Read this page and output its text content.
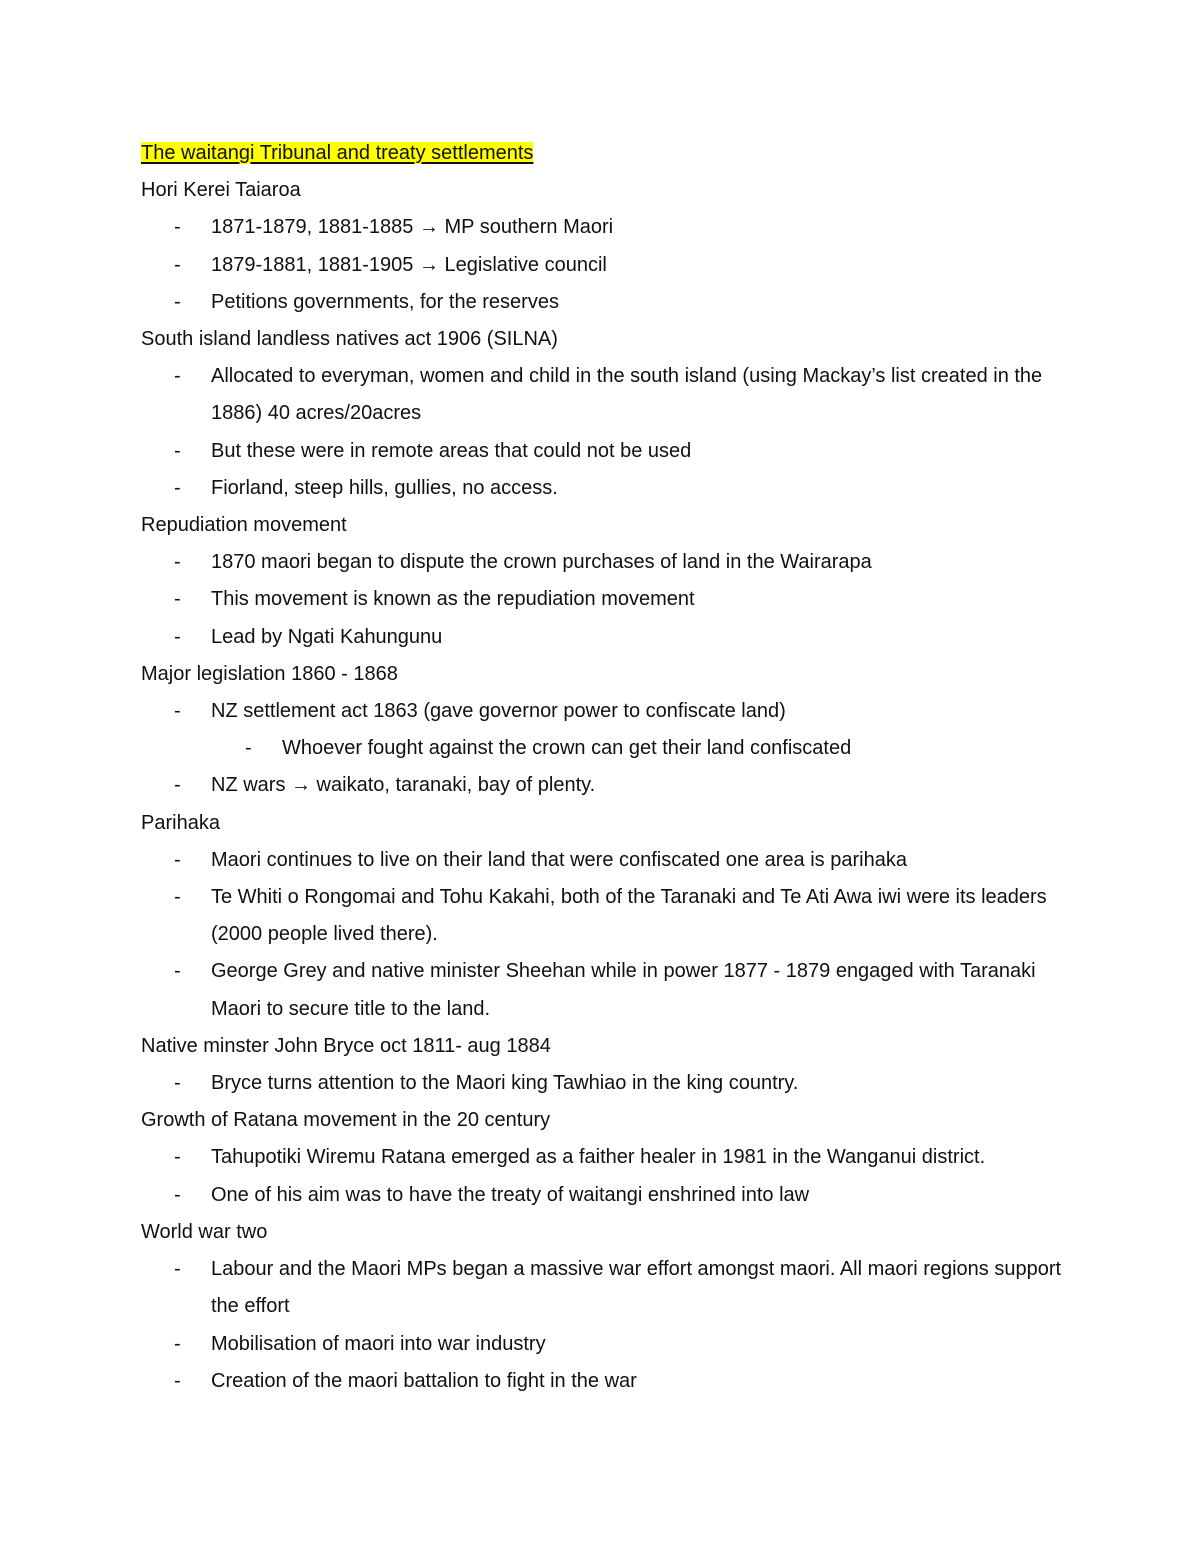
The waitangi Tribunal and treaty settlements

Hori Kerei Taiaroa

- 1871-1879, 1881-1885 → MP southern Maori

- 1879-1881, 1881-1905 → Legislative council

- Petitions governments, for the reserves

South island landless natives act 1906 (SILNA)

- Allocated to everyman, women and child in the south island (using Mackay’s list created in the 1886) 40 acres/20acres

- But these were in remote areas that could not be used

- Fiorland, steep hills, gullies, no access.

Repudiation movement

- 1870 maori began to dispute the crown purchases of land in the Wairarapa

- This movement is known as the repudiation movement

- Lead by Ngati Kahungunu

Major legislation 1860 - 1868

- NZ settlement act 1863 (gave governor power to confiscate land)

- Whoever fought against the crown can get their land confiscated

- NZ wars → waikato, taranaki, bay of plenty.

Parihaka

- Maori continues to live on their land that were confiscated one area is parihaka

- Te Whiti o Rongomai and Tohu Kakahi, both of the Taranaki and Te Ati Awa iwi were its leaders (2000 people lived there).

- George Grey and native minister Sheehan while in power 1877 - 1879 engaged with Taranaki Maori to secure title to the land.

Native minster John Bryce oct 1811- aug 1884

- Bryce turns attention to the Maori king Tawhiao in the king country.

Growth of Ratana movement in the 20 century

- Tahupotiki Wiremu Ratana emerged as a faither healer in 1981 in the Wanganui district.

- One of his aim was to have the treaty of waitangi enshrined into law

World war two

- Labour and the Maori MPs began a massive war effort amongst maori. All maori regions support the effort

- Mobilisation of maori into war industry

- Creation of the maori battalion to fight in the war
